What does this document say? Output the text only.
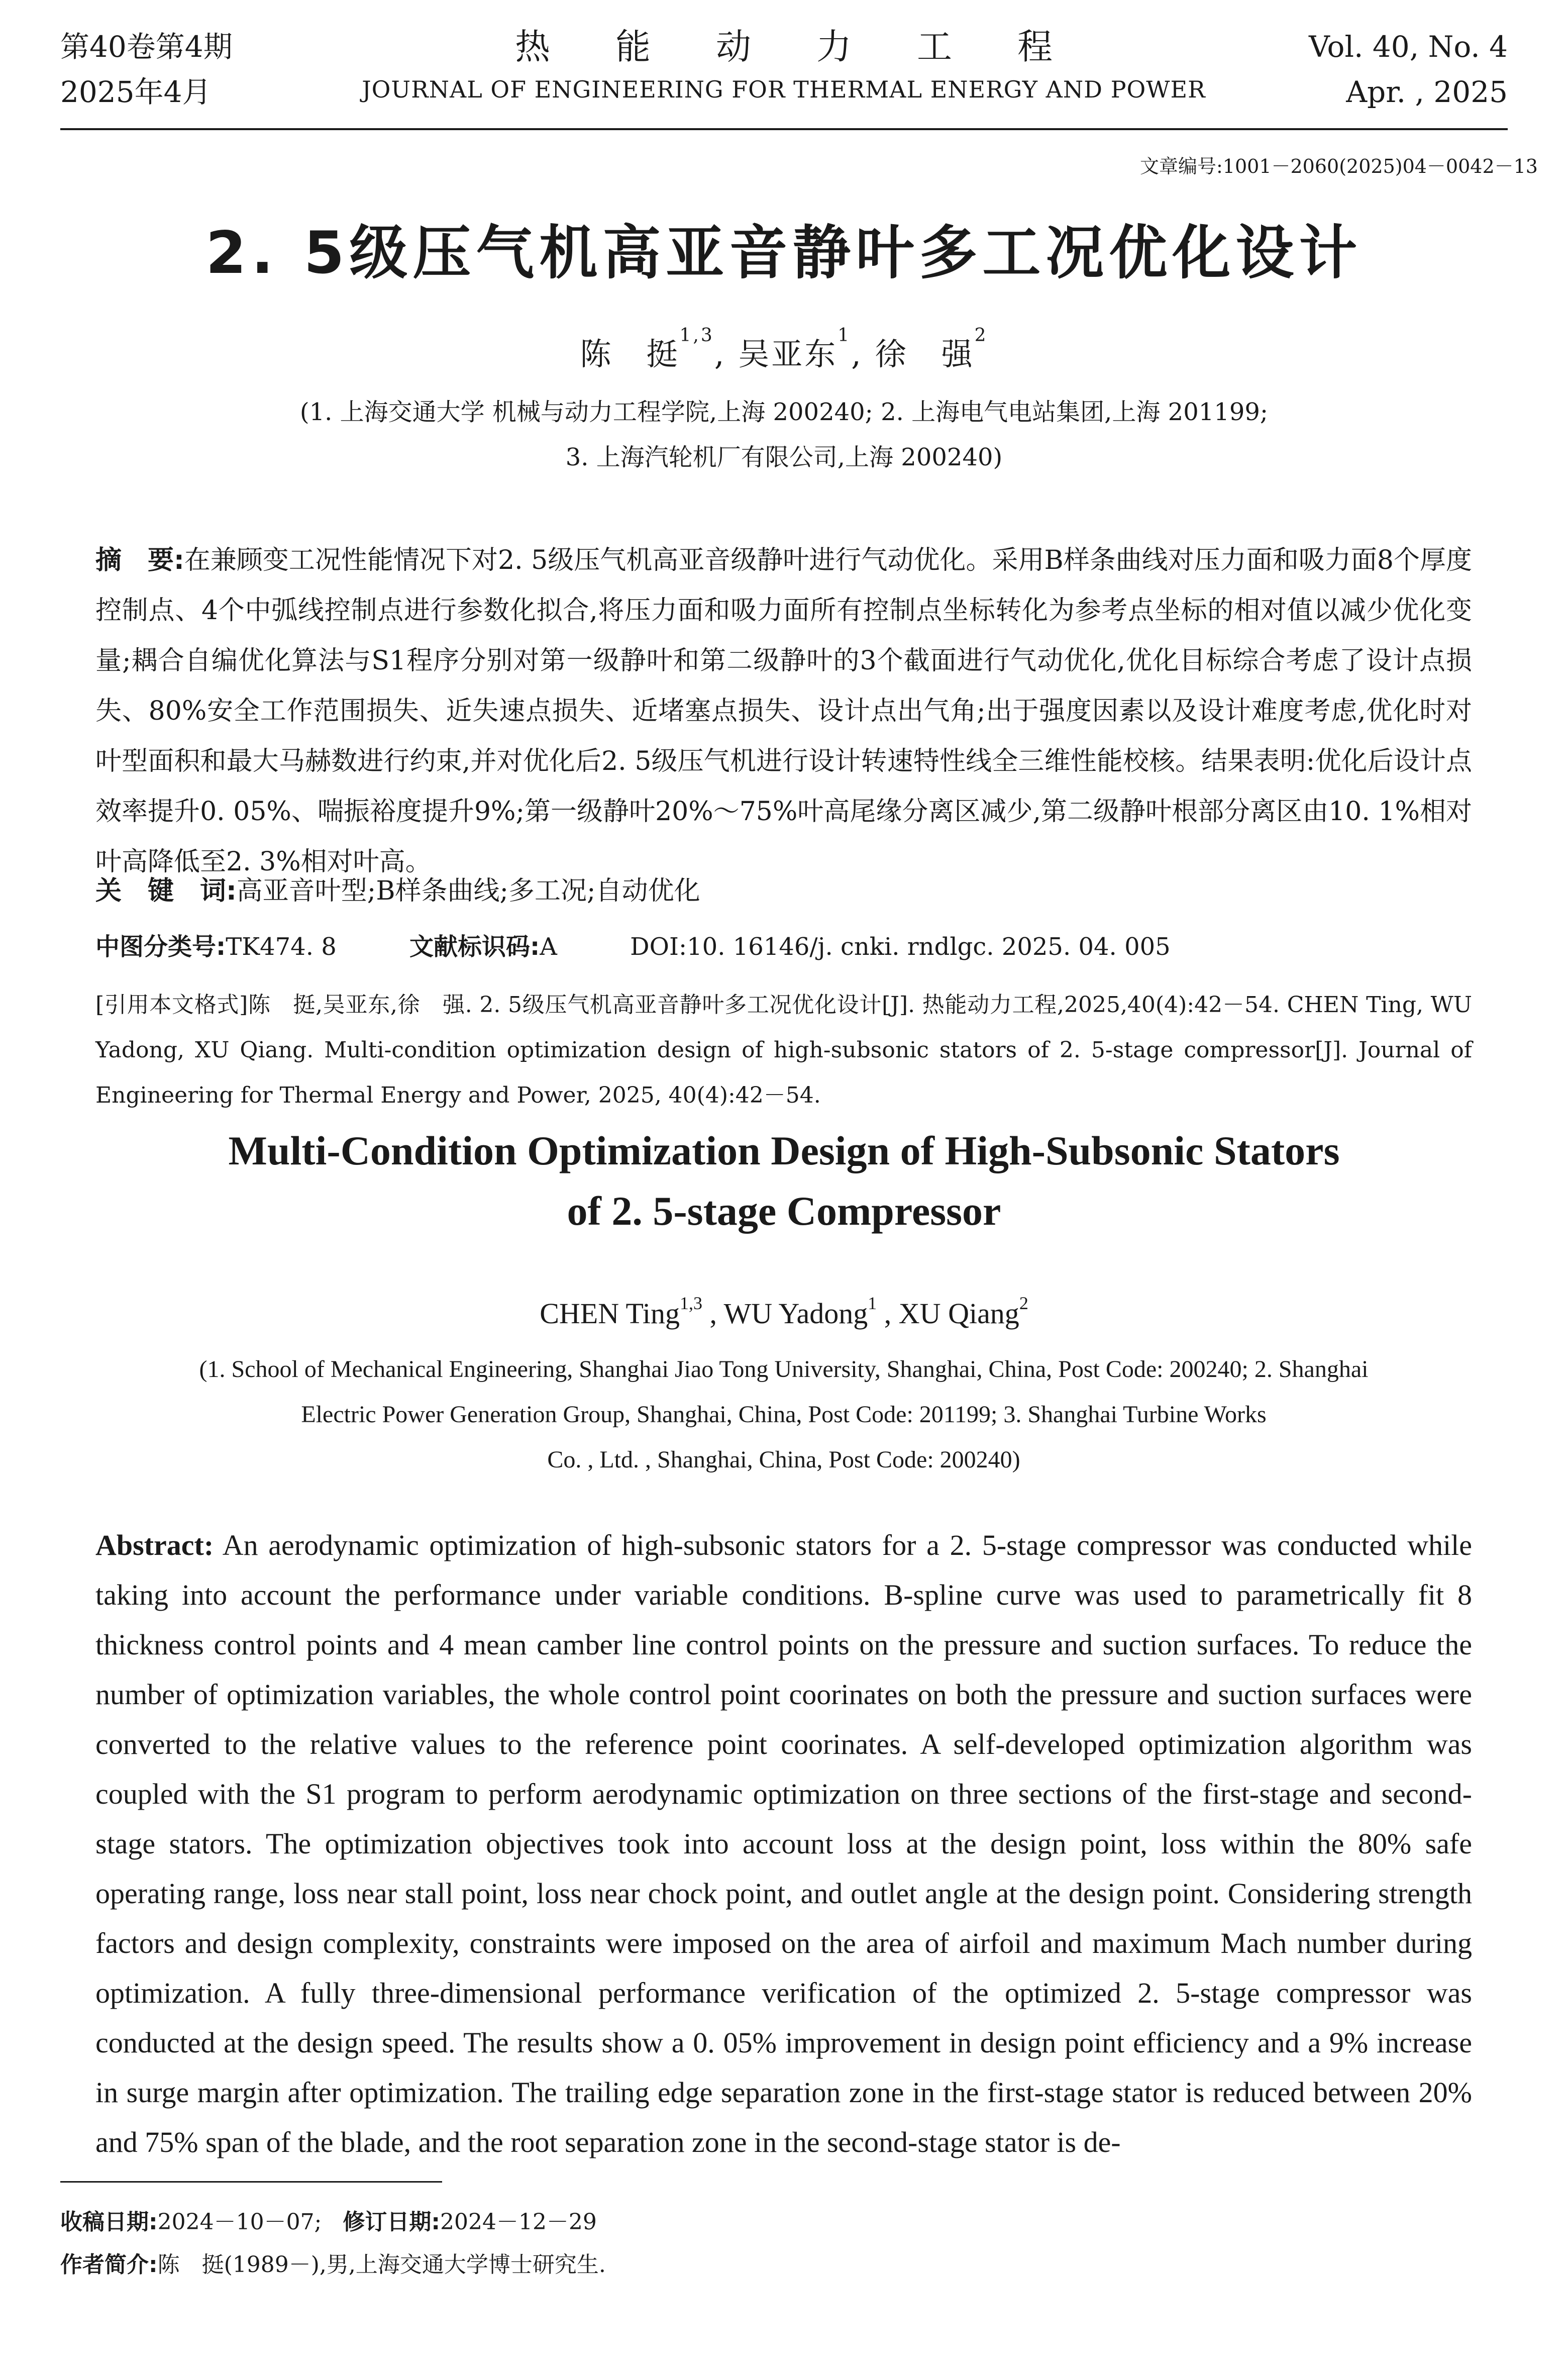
第40卷第4期
2025年4月
热能动力工程
JOURNAL OF ENGINEERING FOR THERMAL ENERGY AND POWER
Vol. 40, No. 4
Apr. , 2025
文章编号:1001－2060(2025)04－0042－13
2. 5级压气机高亚音静叶多工况优化设计
陈　挺$^{1,3}$, 吴亚东$^1$, 徐　强$^2$
(1. 上海交通大学 机械与动力工程学院,上海 200240; 2. 上海电气电站集团,上海 201199;
3. 上海汽轮机厂有限公司,上海 200240)
摘　要:在兼顾变工况性能情况下对2. 5级压气机高亚音级静叶进行气动优化。采用B样条曲线对压力面和吸力面8个厚度控制点、4个中弧线控制点进行参数化拟合,将压力面和吸力面所有控制点坐标转化为参考点坐标的相对值以减少优化变量;耦合自编优化算法与S1程序分别对第一级静叶和第二级静叶的3个截面进行气动优化,优化目标综合考虑了设计点损失、80%安全工作范围损失、近失速点损失、近堵塞点损失、设计点出气角;出于强度因素以及设计难度考虑,优化时对叶型面积和最大马赫数进行约束,并对优化后2. 5级压气机进行设计转速特性线全三维性能校核。结果表明:优化后设计点效率提升0. 05%、喘振裕度提升9%;第一级静叶20%～75%叶高尾缘分离区减少,第二级静叶根部分离区由10. 1%相对叶高降低至2. 3%相对叶高。
关　键　词:高亚音叶型;B样条曲线;多工况;自动优化
中图分类号:TK474. 8	文献标识码:A	DOI:10. 16146/j. cnki. rndlgc. 2025. 04. 005
[引用本文格式]陈　挺,吴亚东,徐　强. 2. 5级压气机高亚音静叶多工况优化设计[J]. 热能动力工程,2025,40(4):42－54. CHEN Ting, WU Yadong, XU Qiang. Multi-condition optimization design of high-subsonic stators of 2. 5-stage compressor[J]. Journal of Engineering for Thermal Energy and Power, 2025, 40(4):42－54.
Multi-Condition Optimization Design of High-Subsonic Stators
of 2. 5-stage Compressor
CHEN Ting$^{1,3}$ , WU Yadong$^1$ , XU Qiang$^2$
(1. School of Mechanical Engineering, Shanghai Jiao Tong University, Shanghai, China, Post Code: 200240; 2. Shanghai
Electric Power Generation Group, Shanghai, China, Post Code: 201199; 3. Shanghai Turbine Works
Co. , Ltd. , Shanghai, China, Post Code: 200240)
Abstract: An aerodynamic optimization of high-subsonic stators for a 2. 5-stage compressor was conducted while taking into account the performance under variable conditions. B-spline curve was used to parametrically fit 8 thickness control points and 4 mean camber line control points on the pressure and suction surfaces. To reduce the number of optimization variables, the whole control point coorinates on both the pressure and suction surfaces were converted to the relative values to the reference point coorinates. A self-developed optimization algorithm was coupled with the S1 program to perform aerodynamic optimization on three sections of the first-stage and second-stage stators. The optimization objectives took into account loss at the design point, loss within the 80% safe operating range, loss near stall point, loss near chock point, and outlet angle at the design point. Considering strength factors and design complexity, constraints were imposed on the area of airfoil and maximum Mach number during optimization. A fully three-dimensional performance verification of the optimized 2. 5-stage compressor was conducted at the design speed. The results show a 0. 05% improvement in design point efficiency and a 9% increase in surge margin after optimization. The trailing edge separation zone in the first-stage stator is reduced between 20% and 75% span of the blade, and the root separation zone in the second-stage stator is de-
收稿日期:2024－10－07; 修订日期:2024－12－29
作者简介:陈　挺(1989－),男,上海交通大学博士研究生.
